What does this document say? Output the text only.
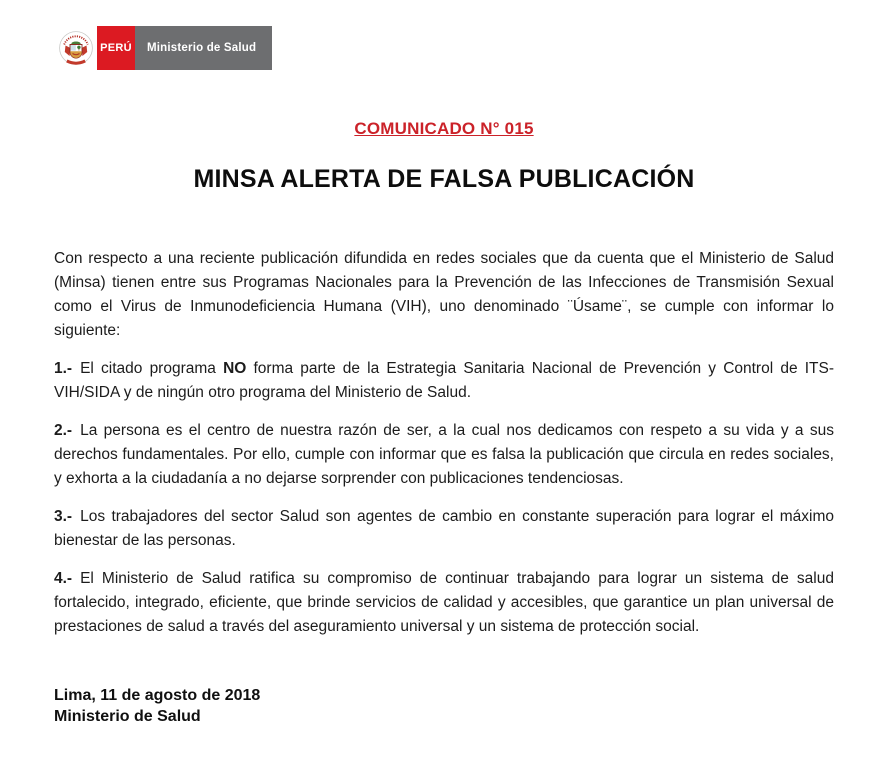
PERÚ Ministerio de Salud
COMUNICADO N° 015
MINSA ALERTA DE FALSA PUBLICACIÓN

Con respecto a una reciente publicación difundida en redes sociales que da cuenta que el Ministerio de Salud (Minsa) tienen entre sus Programas Nacionales para la Prevención de las Infecciones de Transmisión Sexual como el Virus de Inmunodeficiencia Humana (VIH), uno denominado ¨Úsame¨, se cumple con informar lo siguiente:

1.- El citado programa NO forma parte de la Estrategia Sanitaria Nacional de Prevención y Control de ITS-VIH/SIDA y de ningún otro programa del Ministerio de Salud.

2.- La persona es el centro de nuestra razón de ser, a la cual nos dedicamos con respeto a su vida y a sus derechos fundamentales. Por ello, cumple con informar que es falsa la publicación que circula en redes sociales, y exhorta a la ciudadanía a no dejarse sorprender con publicaciones tendenciosas.

3.- Los trabajadores del sector Salud son agentes de cambio en constante superación para lograr el máximo bienestar de las personas.

4.- El Ministerio de Salud ratifica su compromiso de continuar trabajando para lograr un sistema de salud fortalecido, integrado, eficiente, que brinde servicios de calidad y accesibles, que garantice un plan universal de prestaciones de salud a través del aseguramiento universal y un sistema de protección social.

Lima, 11 de agosto de 2018
Ministerio de Salud
